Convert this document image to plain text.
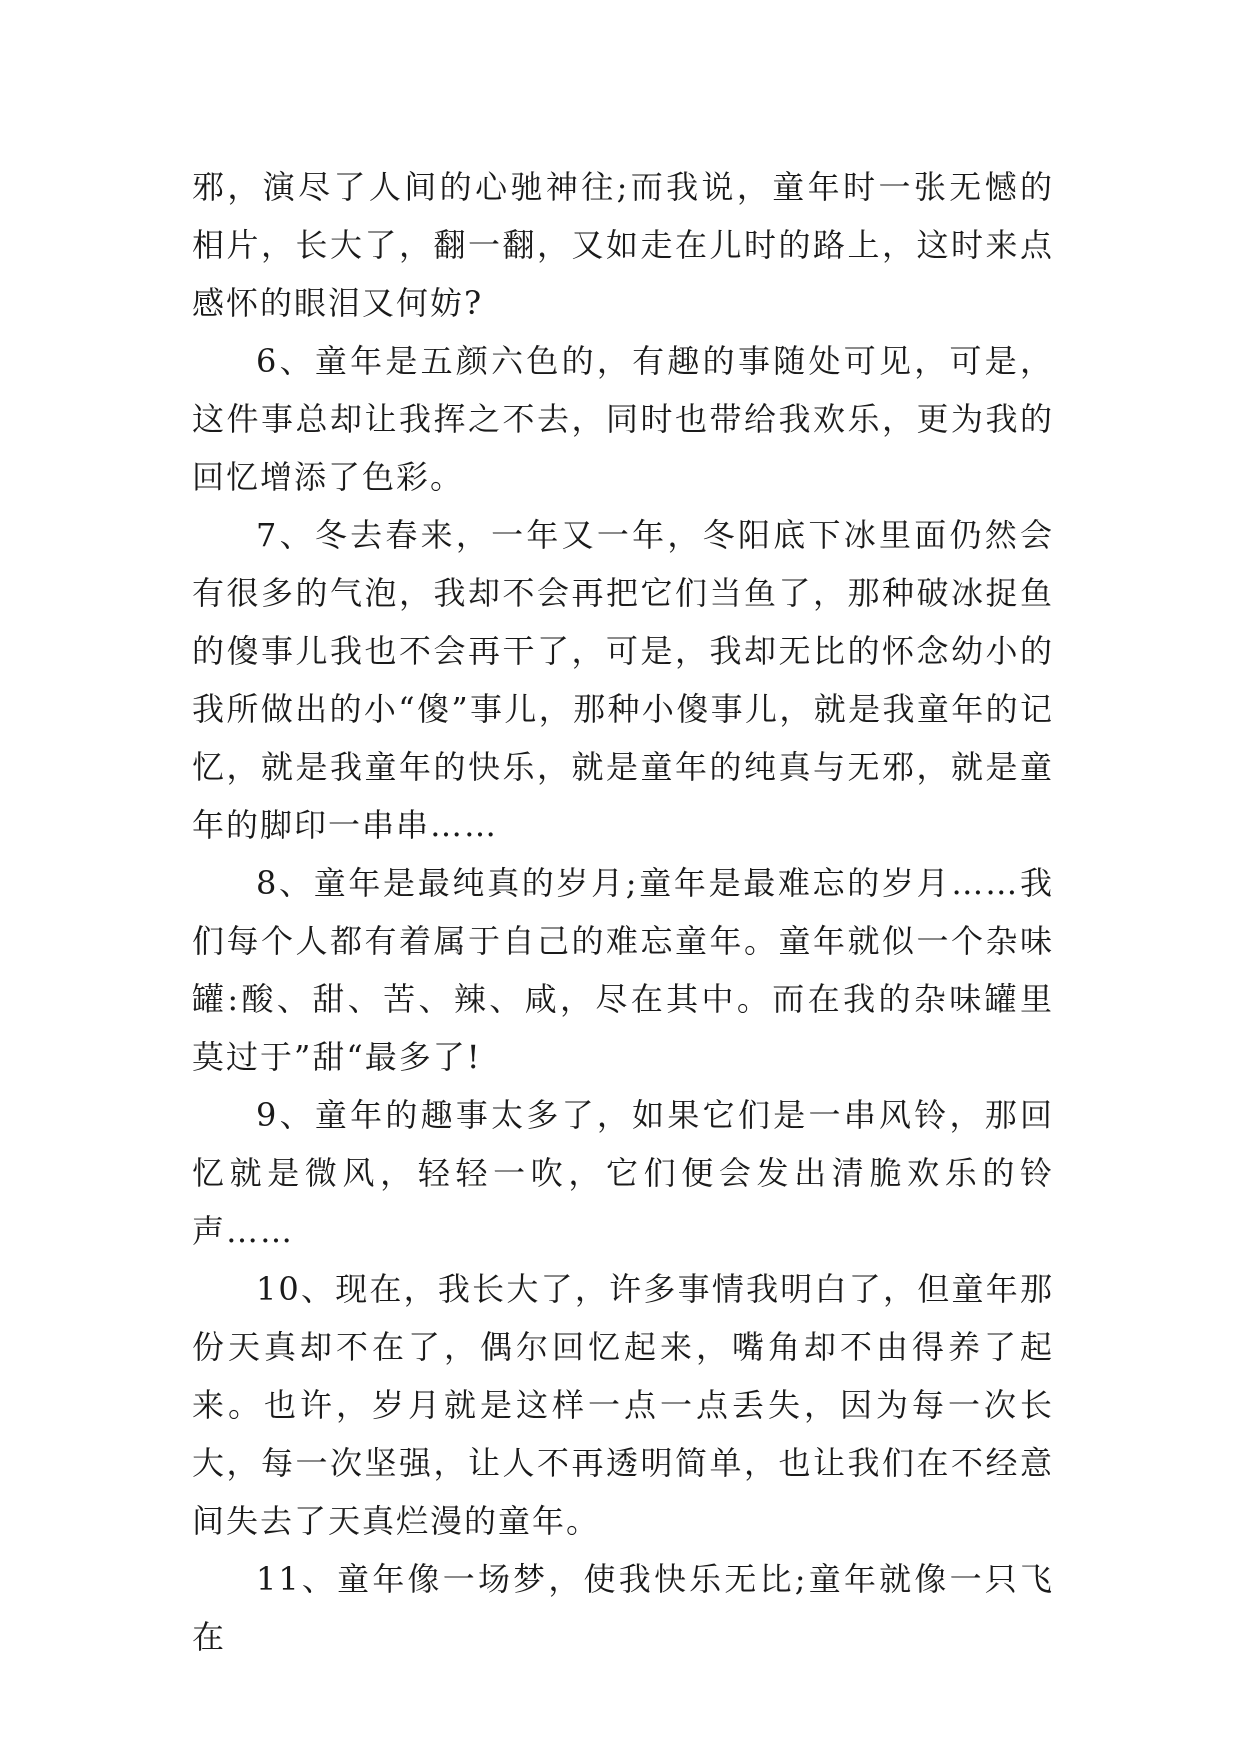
邪，演尽了人间的心驰神往;而我说，童年时一张无憾的相片，长大了，翻一翻，又如走在儿时的路上，这时来点感怀的眼泪又何妨?

6、童年是五颜六色的，有趣的事随处可见，可是，这件事总却让我挥之不去，同时也带给我欢乐，更为我的回忆增添了色彩。

7、冬去春来，一年又一年，冬阳底下冰里面仍然会有很多的气泡，我却不会再把它们当鱼了，那种破冰捉鱼的傻事儿我也不会再干了，可是，我却无比的怀念幼小的我所做出的小“傻”事儿，那种小傻事儿，就是我童年的记忆，就是我童年的快乐，就是童年的纯真与无邪，就是童年的脚印一串串……

8、童年是最纯真的岁月;童年是最难忘的岁月……我们每个人都有着属于自己的难忘童年。童年就似一个杂味罐:酸、甜、苦、辣、咸，尽在其中。而在我的杂味罐里莫过于”甜“最多了!

9、童年的趣事太多了，如果它们是一串风铃，那回忆就是微风，轻轻一吹，它们便会发出清脆欢乐的铃声……

10、现在，我长大了，许多事情我明白了，但童年那份天真却不在了，偶尔回忆起来，嘴角却不由得养了起来。也许，岁月就是这样一点一点丢失，因为每一次长大，每一次坚强，让人不再透明简单，也让我们在不经意间失去了天真烂漫的童年。

11、童年像一场梦，使我快乐无比;童年就像一只飞在
